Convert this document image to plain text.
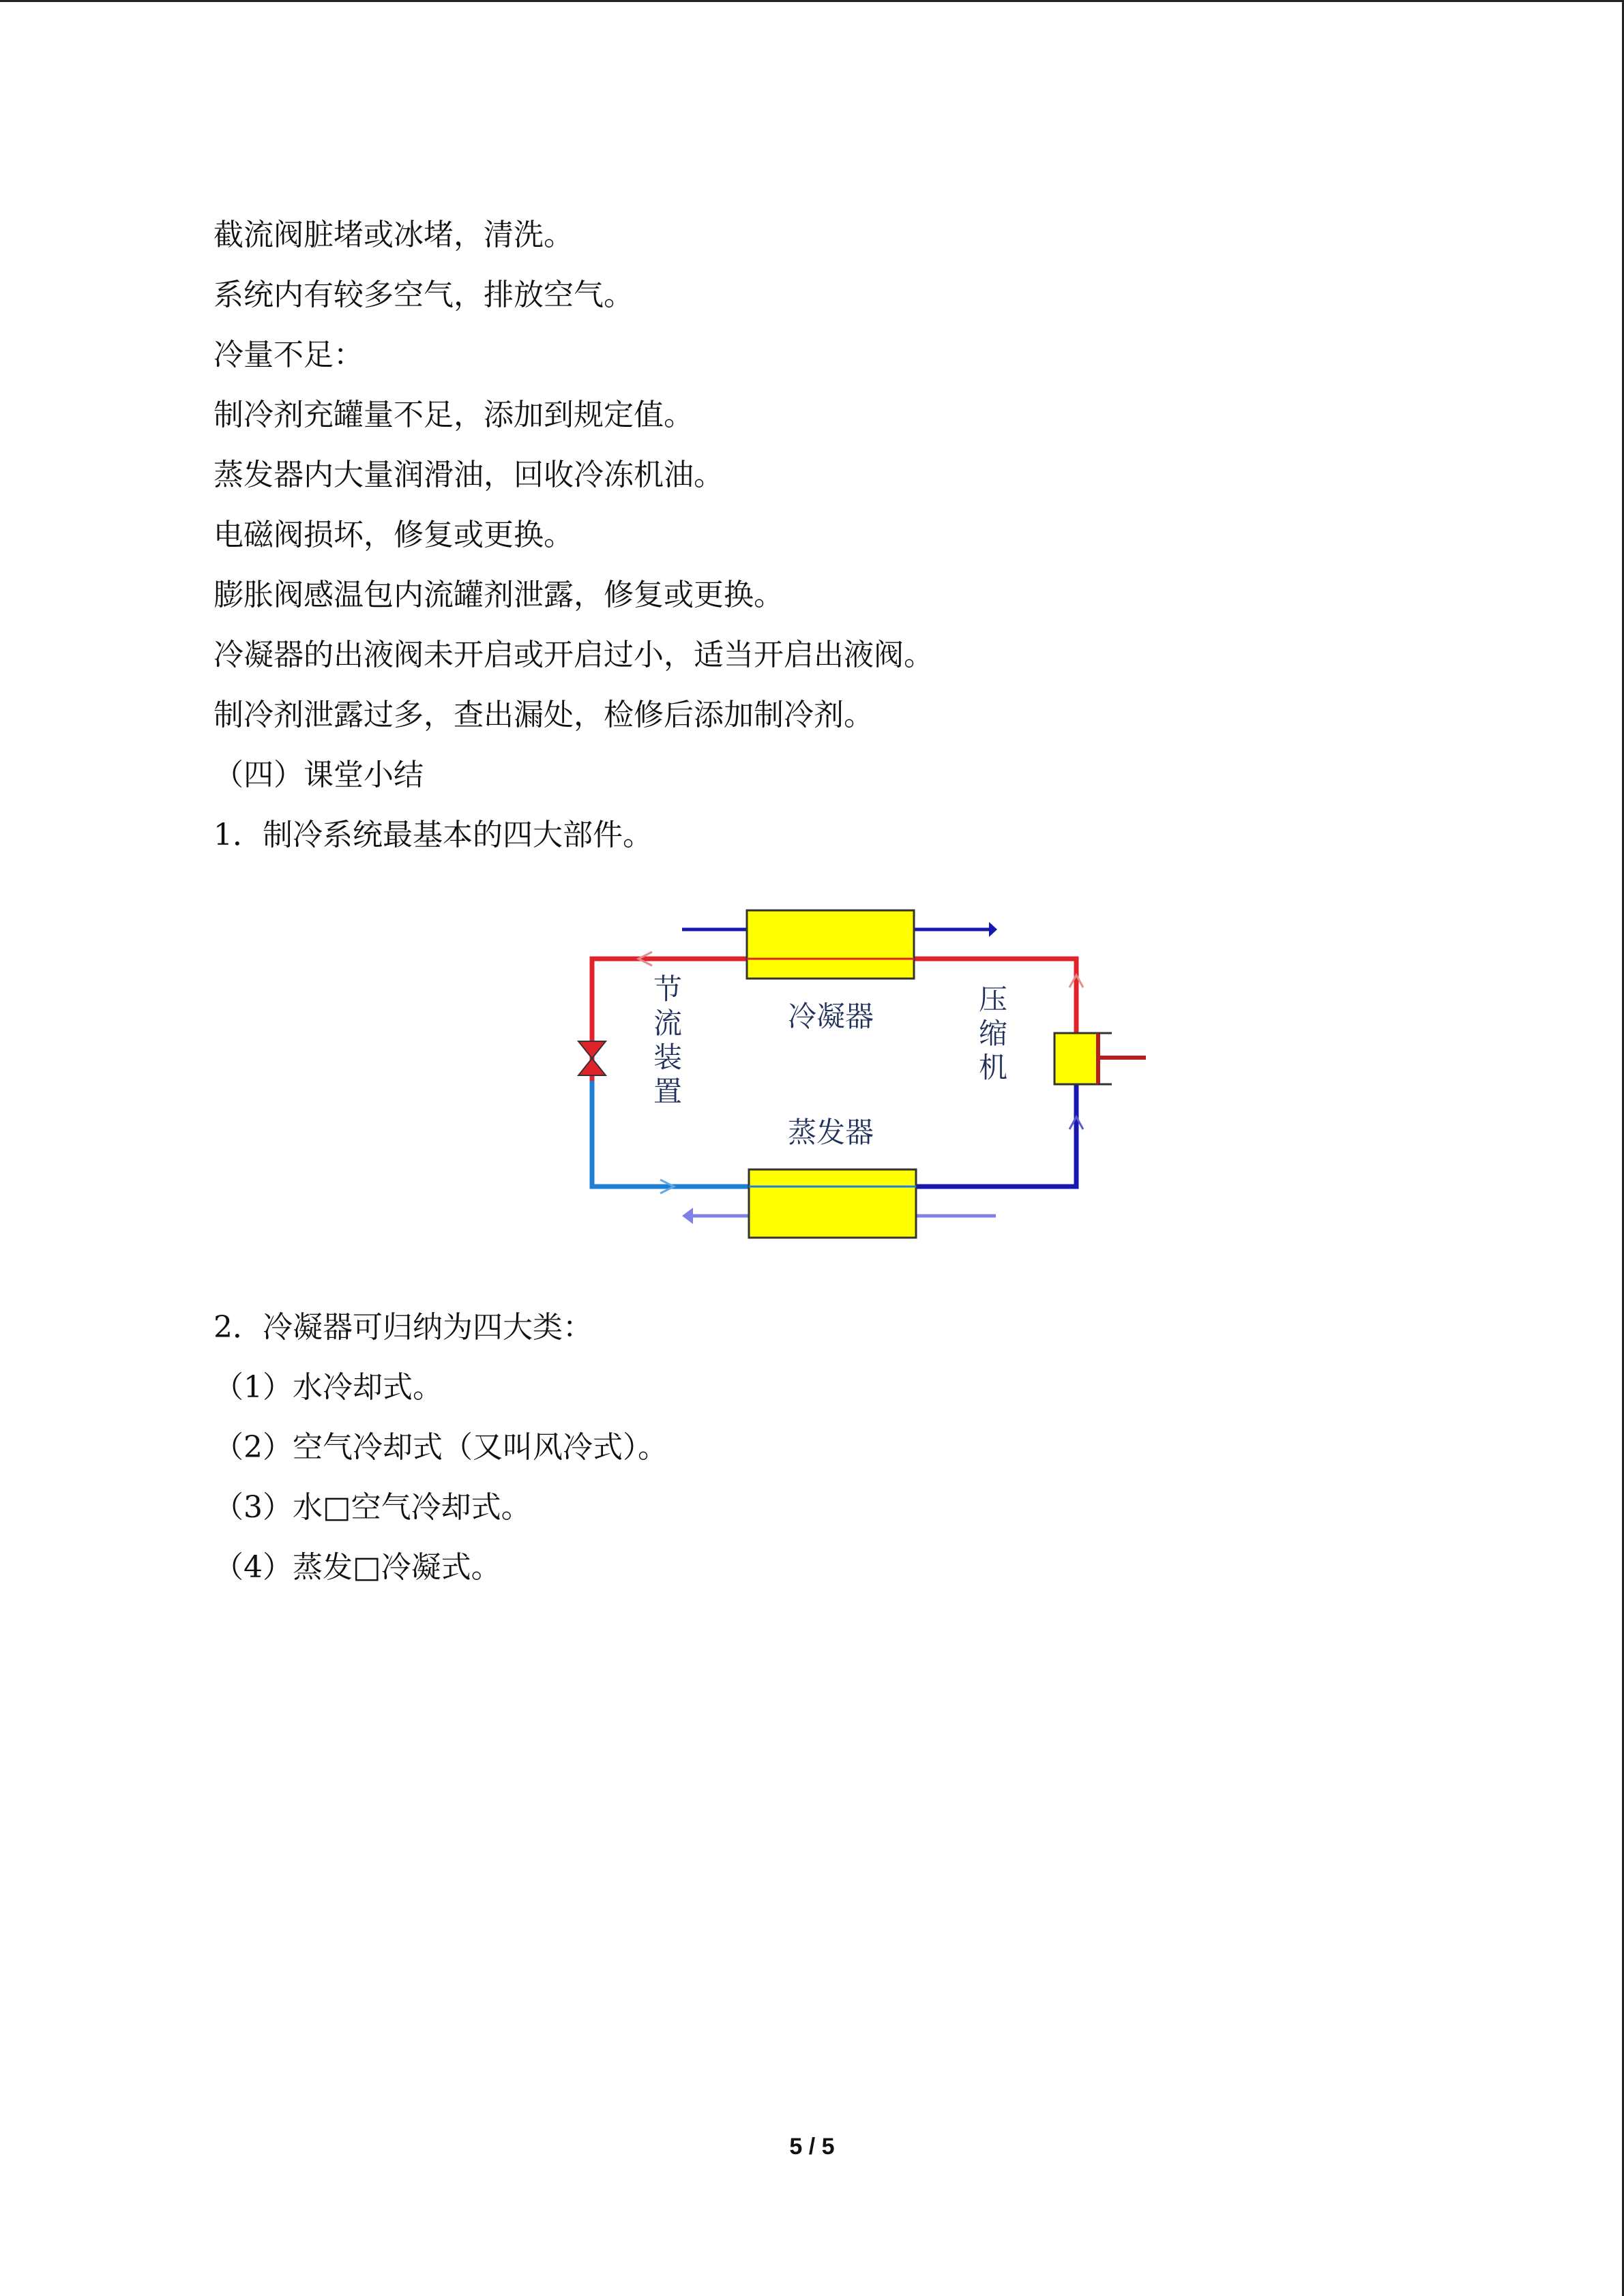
截流阀脏堵或冰堵，清洗。
系统内有较多空气，排放空气。
冷量不足：
制冷剂充罐量不足，添加到规定值。
蒸发器内大量润滑油，回收冷冻机油。
电磁阀损坏，修复或更换。
膨胀阀感温包内流罐剂泄露，修复或更换。
冷凝器的出液阀未开启或开启过小，适当开启出液阀。
制冷剂泄露过多，查出漏处，检修后添加制冷剂。
（四）课堂小结
1．制冷系统最基本的四大部件。
冷凝器
蒸发器
节
流
装
置
压
缩
机
2．冷凝器可归纳为四大类：
（1）水冷却式。
（2）空气冷却式（又叫风冷式）。
（3）水□空气冷却式。
（4）蒸发□冷凝式。
5 / 5
